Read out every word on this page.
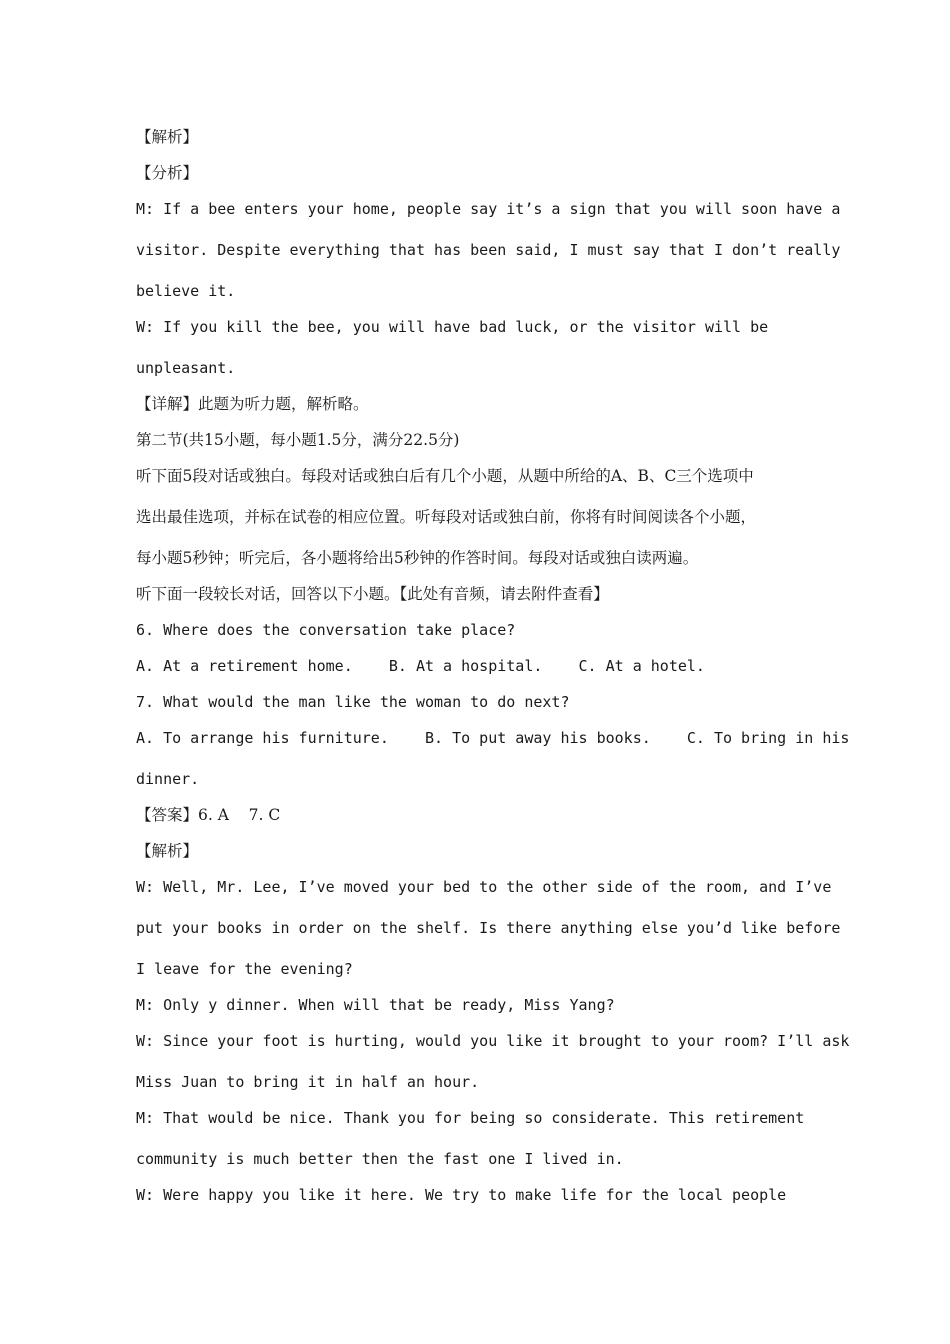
【解析】
【分析】
M: If a bee enters your home, people say it’s a sign that you will soon have a
visitor. Despite everything that has been said, I must say that I don’t really
believe it.
W: If you kill the bee, you will have bad luck, or the visitor will be
unpleasant.
【详解】此题为听力题，解析略。
第二节(共15小题，每小题1.5分，满分22.5分)
听下面5段对话或独白。每段对话或独白后有几个小题，从题中所给的A、B、C三个选项中
选出最佳选项，并标在试卷的相应位置。听每段对话或独白前，你将有时间阅读各个小题，
每小题5秒钟；听完后，各小题将给出5秒钟的作答时间。每段对话或独白读两遍。
听下面一段较长对话，回答以下小题。【此处有音频，请去附件查看】
6. Where does the conversation take place?
A. At a retirement home.    B. At a hospital.    C. At a hotel.
7. What would the man like the woman to do next?
A. To arrange his furniture.    B. To put away his books.    C. To bring in his
dinner.
【答案】6. A    7. C
【解析】
W: Well, Mr. Lee, I’ve moved your bed to the other side of the room, and I’ve
put your books in order on the shelf. Is there anything else you’d like before
I leave for the evening?
M: Only y dinner. When will that be ready, Miss Yang?
W: Since your foot is hurting, would you like it brought to your room? I’ll ask
Miss Juan to bring it in half an hour.
M: That would be nice. Thank you for being so considerate. This retirement
community is much better then the fast one I lived in.
W: Were happy you like it here. We try to make life for the local people
